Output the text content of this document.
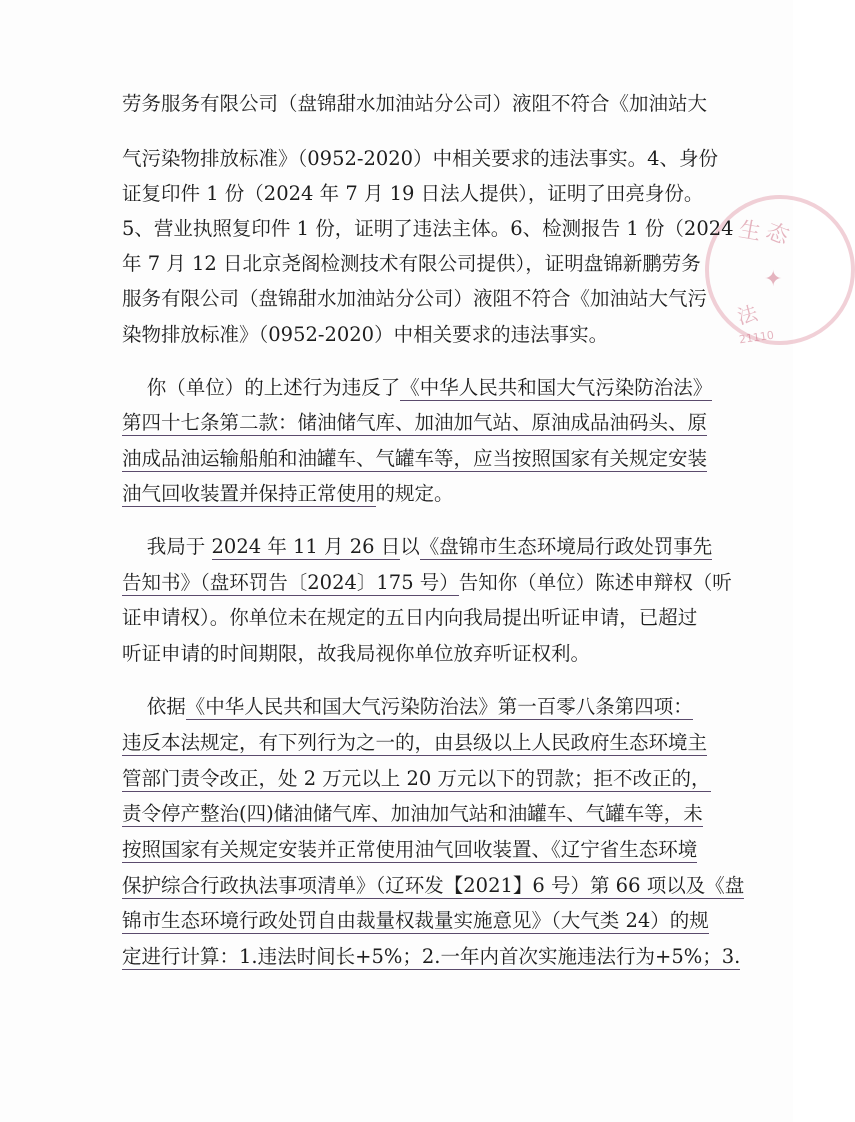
生 态
✦
法
21110
劳务服务有限公司（盘锦甜水加油站分公司）液阻不符合《加油站大
气污染物排放标准》（0952-2020）中相关要求的违法事实。4、身份
证复印件 1 份（2024 年 7 月 19 日法人提供），证明了田亮身份。
5、营业执照复印件 1 份，证明了违法主体。6、检测报告 1 份（2024
年 7 月 12 日北京尧阁检测技术有限公司提供），证明盘锦新鹏劳务
服务有限公司（盘锦甜水加油站分公司）液阻不符合《加油站大气污
染物排放标准》（0952-2020）中相关要求的违法事实。
你（单位）的上述行为违反了《中华人民共和国大气污染防治法》
第四十七条第二款：储油储气库、加油加气站、原油成品油码头、原
油成品油运输船舶和油罐车、气罐车等，应当按照国家有关规定安装
油气回收装置并保持正常使用的规定。
我局于 2024 年 11 月 26 日以《盘锦市生态环境局行政处罚事先
告知书》（盘环罚告〔2024〕175 号）告知你（单位）陈述申辩权（听
证申请权）。你单位未在规定的五日内向我局提出听证申请，已超过
听证申请的时间期限，故我局视你单位放弃听证权利。
依据《中华人民共和国大气污染防治法》第一百零八条第四项：
违反本法规定，有下列行为之一的，由县级以上人民政府生态环境主
管部门责令改正，处 2 万元以上 20 万元以下的罚款；拒不改正的，
责令停产整治(四)储油储气库、加油加气站和油罐车、气罐车等，未
按照国家有关规定安装并正常使用油气回收装置、《辽宁省生态环境
保护综合行政执法事项清单》（辽环发【2021】6 号）第 66 项以及《盘
锦市生态环境行政处罚自由裁量权裁量实施意见》（大气类 24）的规
定进行计算：1.违法时间长+5%；2.一年内首次实施违法行为+5%；3.
